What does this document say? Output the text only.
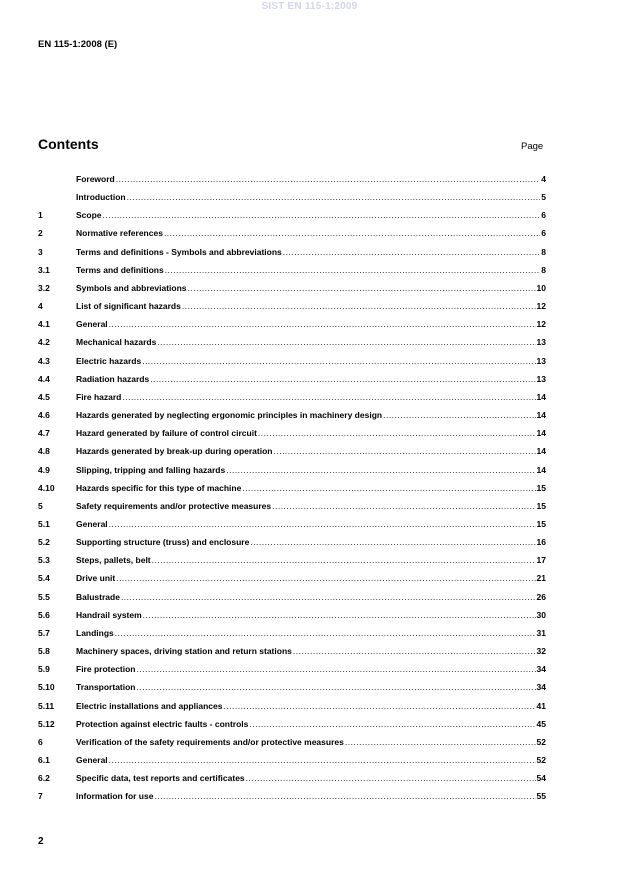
SIST EN 115-1:2009
EN 115-1:2008 (E)
Contents	Page
Foreword .....	4
Introduction .....	5
1	Scope .....	6
2	Normative references .....	6
3	Terms and definitions - Symbols and abbreviations .....	8
3.1	Terms and definitions .....	8
3.2	Symbols and abbreviations .....	10
4	List of significant hazards .....	12
4.1	General .....	12
4.2	Mechanical hazards .....	13
4.3	Electric hazards .....	13
4.4	Radiation hazards .....	13
4.5	Fire hazard .....	14
4.6	Hazards generated by neglecting ergonomic principles in machinery design .....	14
4.7	Hazard generated by failure of control circuit .....	14
4.8	Hazards generated by break-up during operation .....	14
4.9	Slipping, tripping and falling hazards .....	14
4.10	Hazards specific for this type of machine .....	15
5	Safety requirements and/or protective measures .....	15
5.1	General .....	15
5.2	Supporting structure (truss) and enclosure .....	16
5.3	Steps, pallets, belt .....	17
5.4	Drive unit .....	21
5.5	Balustrade .....	26
5.6	Handrail system .....	30
5.7	Landings .....	31
5.8	Machinery spaces, driving station and return stations .....	32
5.9	Fire protection .....	34
5.10	Transportation .....	34
5.11	Electric installations and appliances .....	41
5.12	Protection against electric faults - controls .....	45
6	Verification of the safety requirements and/or protective measures .....	52
6.1	General .....	52
6.2	Specific data, test reports and certificates .....	54
7	Information for use .....	55
2
